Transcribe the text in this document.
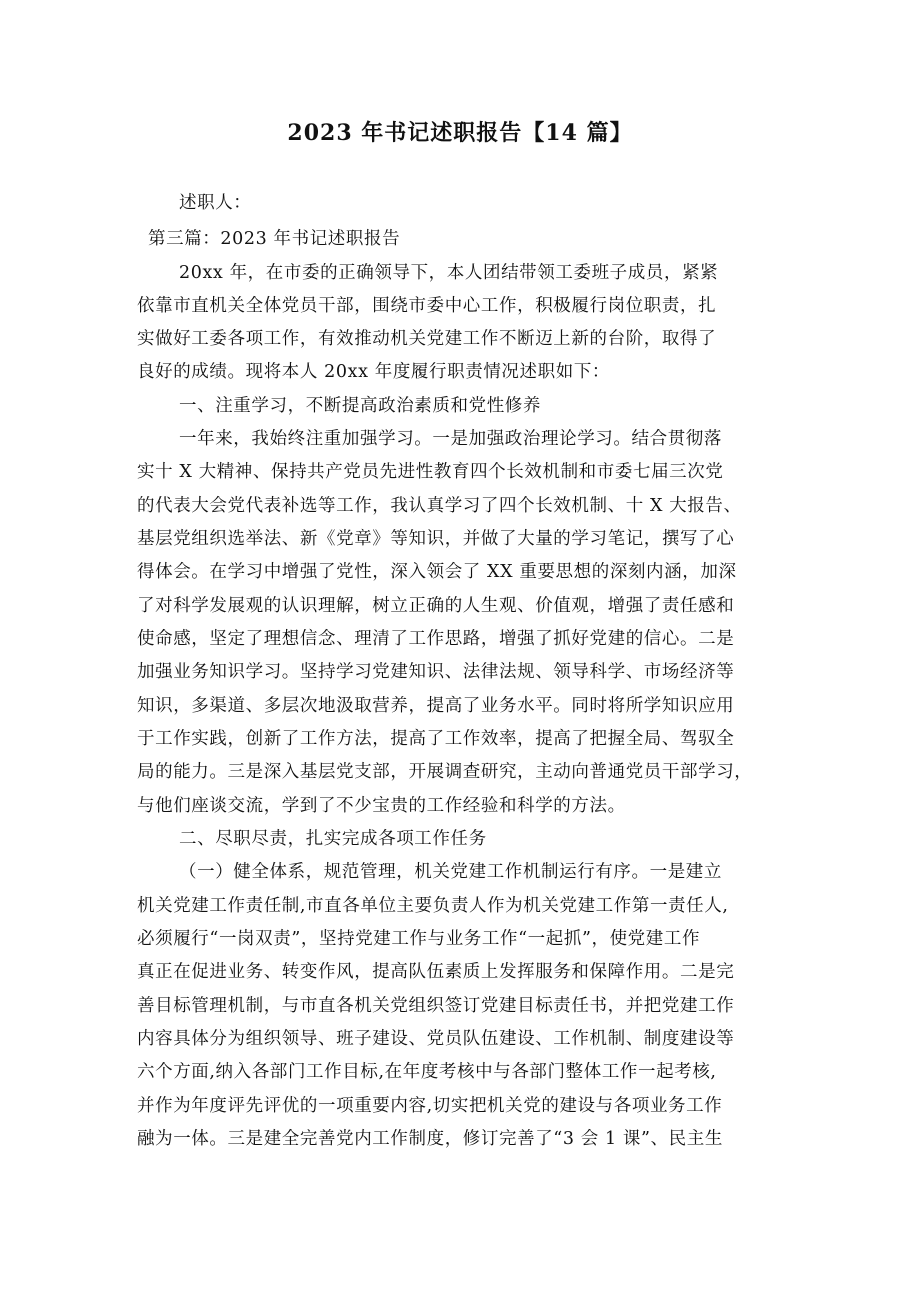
2023 年书记述职报告【14 篇】

述职人：

第三篇：2023 年书记述职报告

20xx 年，在市委的正确领导下，本人团结带领工委班子成员，紧紧

依靠市直机关全体党员干部，围绕市委中心工作，积极履行岗位职责，扎

实做好工委各项工作，有效推动机关党建工作不断迈上新的台阶，取得了

良好的成绩。现将本人 20xx 年度履行职责情况述职如下：

一、注重学习，不断提高政治素质和党性修养

一年来，我始终注重加强学习。一是加强政治理论学习。结合贯彻落

实十 X 大精神、保持共产党员先进性教育四个长效机制和市委七届三次党

的代表大会党代表补选等工作，我认真学习了四个长效机制、十 X 大报告、

基层党组织选举法、新《党章》等知识，并做了大量的学习笔记，撰写了心

得体会。在学习中增强了党性，深入领会了 XX 重要思想的深刻内涵，加深

了对科学发展观的认识理解，树立正确的人生观、价值观，增强了责任感和

使命感，坚定了理想信念、理清了工作思路，增强了抓好党建的信心。二是

加强业务知识学习。坚持学习党建知识、法律法规、领导科学、市场经济等

知识，多渠道、多层次地汲取营养，提高了业务水平。同时将所学知识应用

于工作实践，创新了工作方法，提高了工作效率，提高了把握全局、驾驭全

局的能力。三是深入基层党支部，开展调查研究，主动向普通党员干部学习，

与他们座谈交流，学到了不少宝贵的工作经验和科学的方法。

二、尽职尽责，扎实完成各项工作任务

（一）健全体系，规范管理，机关党建工作机制运行有序。一是建立

机关党建工作责任制,市直各单位主要负责人作为机关党建工作第一责任人,

必须履行“一岗双责”，坚持党建工作与业务工作“一起抓”，使党建工作

真正在促进业务、转变作风，提高队伍素质上发挥服务和保障作用。二是完

善目标管理机制，与市直各机关党组织签订党建目标责任书，并把党建工作

内容具体分为组织领导、班子建设、党员队伍建设、工作机制、制度建设等

六个方面,纳入各部门工作目标,在年度考核中与各部门整体工作一起考核,

并作为年度评先评优的一项重要内容,切实把机关党的建设与各项业务工作

融为一体。三是建全完善党内工作制度，修订完善了“3 会 1 课”、民主生
